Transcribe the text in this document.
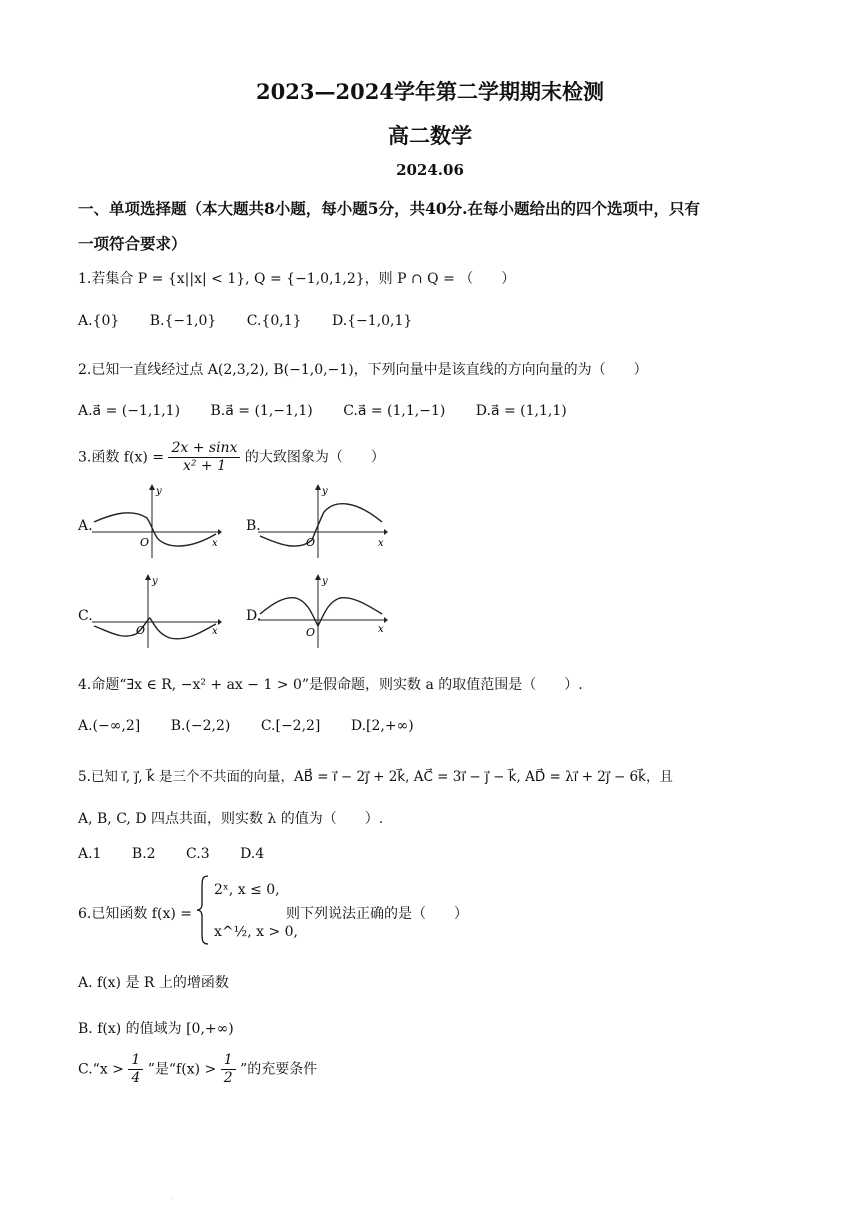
2023—2024学年第二学期期末检测
高二数学
2024.06
一、单项选择题（本大题共8小题，每小题5分，共40分.在每小题给出的四个选项中，只有
一项符合要求）
1.若集合 P = {x||x| < 1}, Q = {−1,0,1,2}，则 P ∩ Q = （　　）
A.{0} B.{−1,0} C.{0,1} D.{−1,0,1}
2.已知一直线经过点 A(2,3,2), B(−1,0,−1)，下列向量中是该直线的方向向量的为（　　）
A.a⃗ = (−1,1,1) B.a⃗ = (1,−1,1) C.a⃗ = (1,1,−1) D.a⃗ = (1,1,1)
3.函数 $f(x) = \frac{2x + \sin x}{\text{x² + 1}}$ 的大致图象为（　　）
A.
y
x
O
B.
y
x
O
C.
y
x
O
D.
y
x
O
4.命题“∃x ∈ R, −x² + ax − 1 > 0”是假命题，则实数 a 的取值范围是（　　）.
A.(−∞,2] B.(−2,2) C.[−2,2] D.[2,+∞)
5.已知 i⃗, j⃗, k⃗ 是三个不共面的向量，AB⃗ = i⃗ − 2j⃗ + 2k⃗, AC⃗ = 3i⃗ − j⃗ − k⃗, AD⃗ = λi⃗ + 2j⃗ − 6k⃗，且
A, B, C, D 四点共面，则实数 λ 的值为（　　）.
A.1 B.2 C.3 D.4
6.已知函数 f(x) =
2ˣ, x ≤ 0,
x^½, x > 0,
则下列说法正确的是（　　）
A. f(x) 是 R 上的增函数
B. f(x) 的值域为 [0,+∞)
C.“x > $\frac{1}{4}$ ”是“$f(x) > \frac{1}{2}$ ”的充要条件
·
